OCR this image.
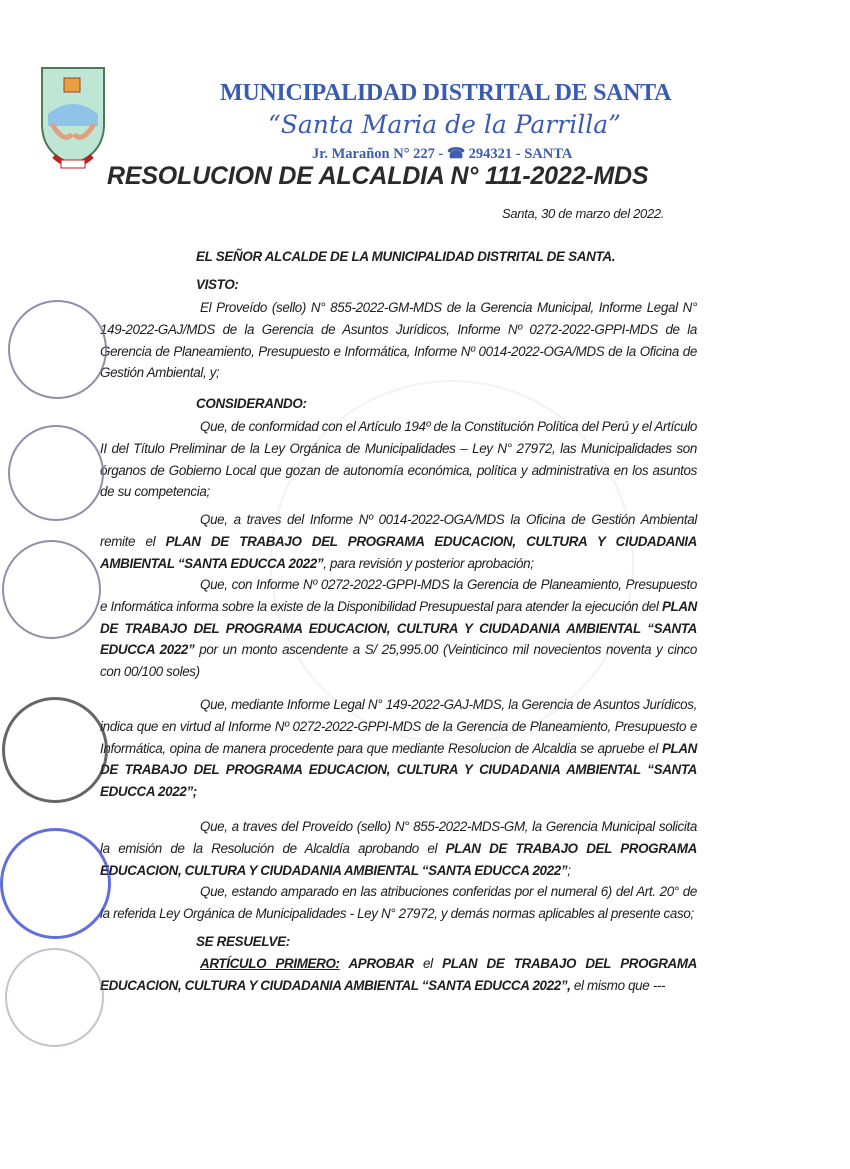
MUNICIPALIDAD DISTRITAL DE SANTA
“Santa Maria de la Parrilla”
Jr. Marañon N° 227 - ☎ 294321 - SANTA
RESOLUCION DE ALCALDIA N° 111-2022-MDS
Santa, 30 de marzo del 2022.
EL SEÑOR ALCALDE DE LA MUNICIPALIDAD DISTRITAL DE SANTA.
VISTO:
El Proveído (sello) N° 855-2022-GM-MDS de la Gerencia Municipal, Informe Legal N° 149-2022-GAJ/MDS de la Gerencia de Asuntos Jurídicos, Informe Nº 0272-2022-GPPI-MDS de la Gerencia de Planeamiento, Presupuesto e Informática, Informe Nº 0014-2022-OGA/MDS de la Oficina de Gestión Ambiental, y;
CONSIDERANDO:
Que, de conformidad con el Artículo 194º de la Constitución Política del Perú y el Artículo II del Título Preliminar de la Ley Orgánica de Municipalidades – Ley N° 27972, las Municipalidades son órganos de Gobierno Local que gozan de autonomía económica, política y administrativa en los asuntos de su competencia;
Que, a traves del Informe Nº 0014-2022-OGA/MDS la Oficina de Gestión Ambiental remite el PLAN DE TRABAJO DEL PROGRAMA EDUCACION, CULTURA Y CIUDADANIA AMBIENTAL “SANTA EDUCCA 2022”, para revisión y posterior aprobación;
Que, con Informe Nº 0272-2022-GPPI-MDS la Gerencia de Planeamiento, Presupuesto e Informática informa sobre la existe de la Disponibilidad Presupuestal para atender la ejecución del PLAN DE TRABAJO DEL PROGRAMA EDUCACION, CULTURA Y CIUDADANIA AMBIENTAL “SANTA EDUCCA 2022” por un monto ascendente a S/ 25,995.00 (Veinticinco mil novecientos noventa y cinco con 00/100 soles)
Que, mediante Informe Legal N° 149-2022-GAJ-MDS, la Gerencia de Asuntos Jurídicos, indica que en virtud al Informe Nº 0272-2022-GPPI-MDS de la Gerencia de Planeamiento, Presupuesto e Informática, opina de manera procedente para que mediante Resolucion de Alcaldia se apruebe el PLAN DE TRABAJO DEL PROGRAMA EDUCACION, CULTURA Y CIUDADANIA AMBIENTAL “SANTA EDUCCA 2022”;
Que, a traves del Proveído (sello) N° 855-2022-MDS-GM, la Gerencia Municipal solicita la emisión de la Resolución de Alcaldía aprobando el PLAN DE TRABAJO DEL PROGRAMA EDUCACION, CULTURA Y CIUDADANIA AMBIENTAL “SANTA EDUCCA 2022”;
Que, estando amparado en las atribuciones conferidas por el numeral 6) del Art. 20° de la referida Ley Orgánica de Municipalidades - Ley N° 27972, y demás normas aplicables al presente caso;
SE RESUELVE:
ARTÍCULO PRIMERO: APROBAR el PLAN DE TRABAJO DEL PROGRAMA EDUCACION, CULTURA Y CIUDADANIA AMBIENTAL “SANTA EDUCCA 2022”, el mismo que ---
